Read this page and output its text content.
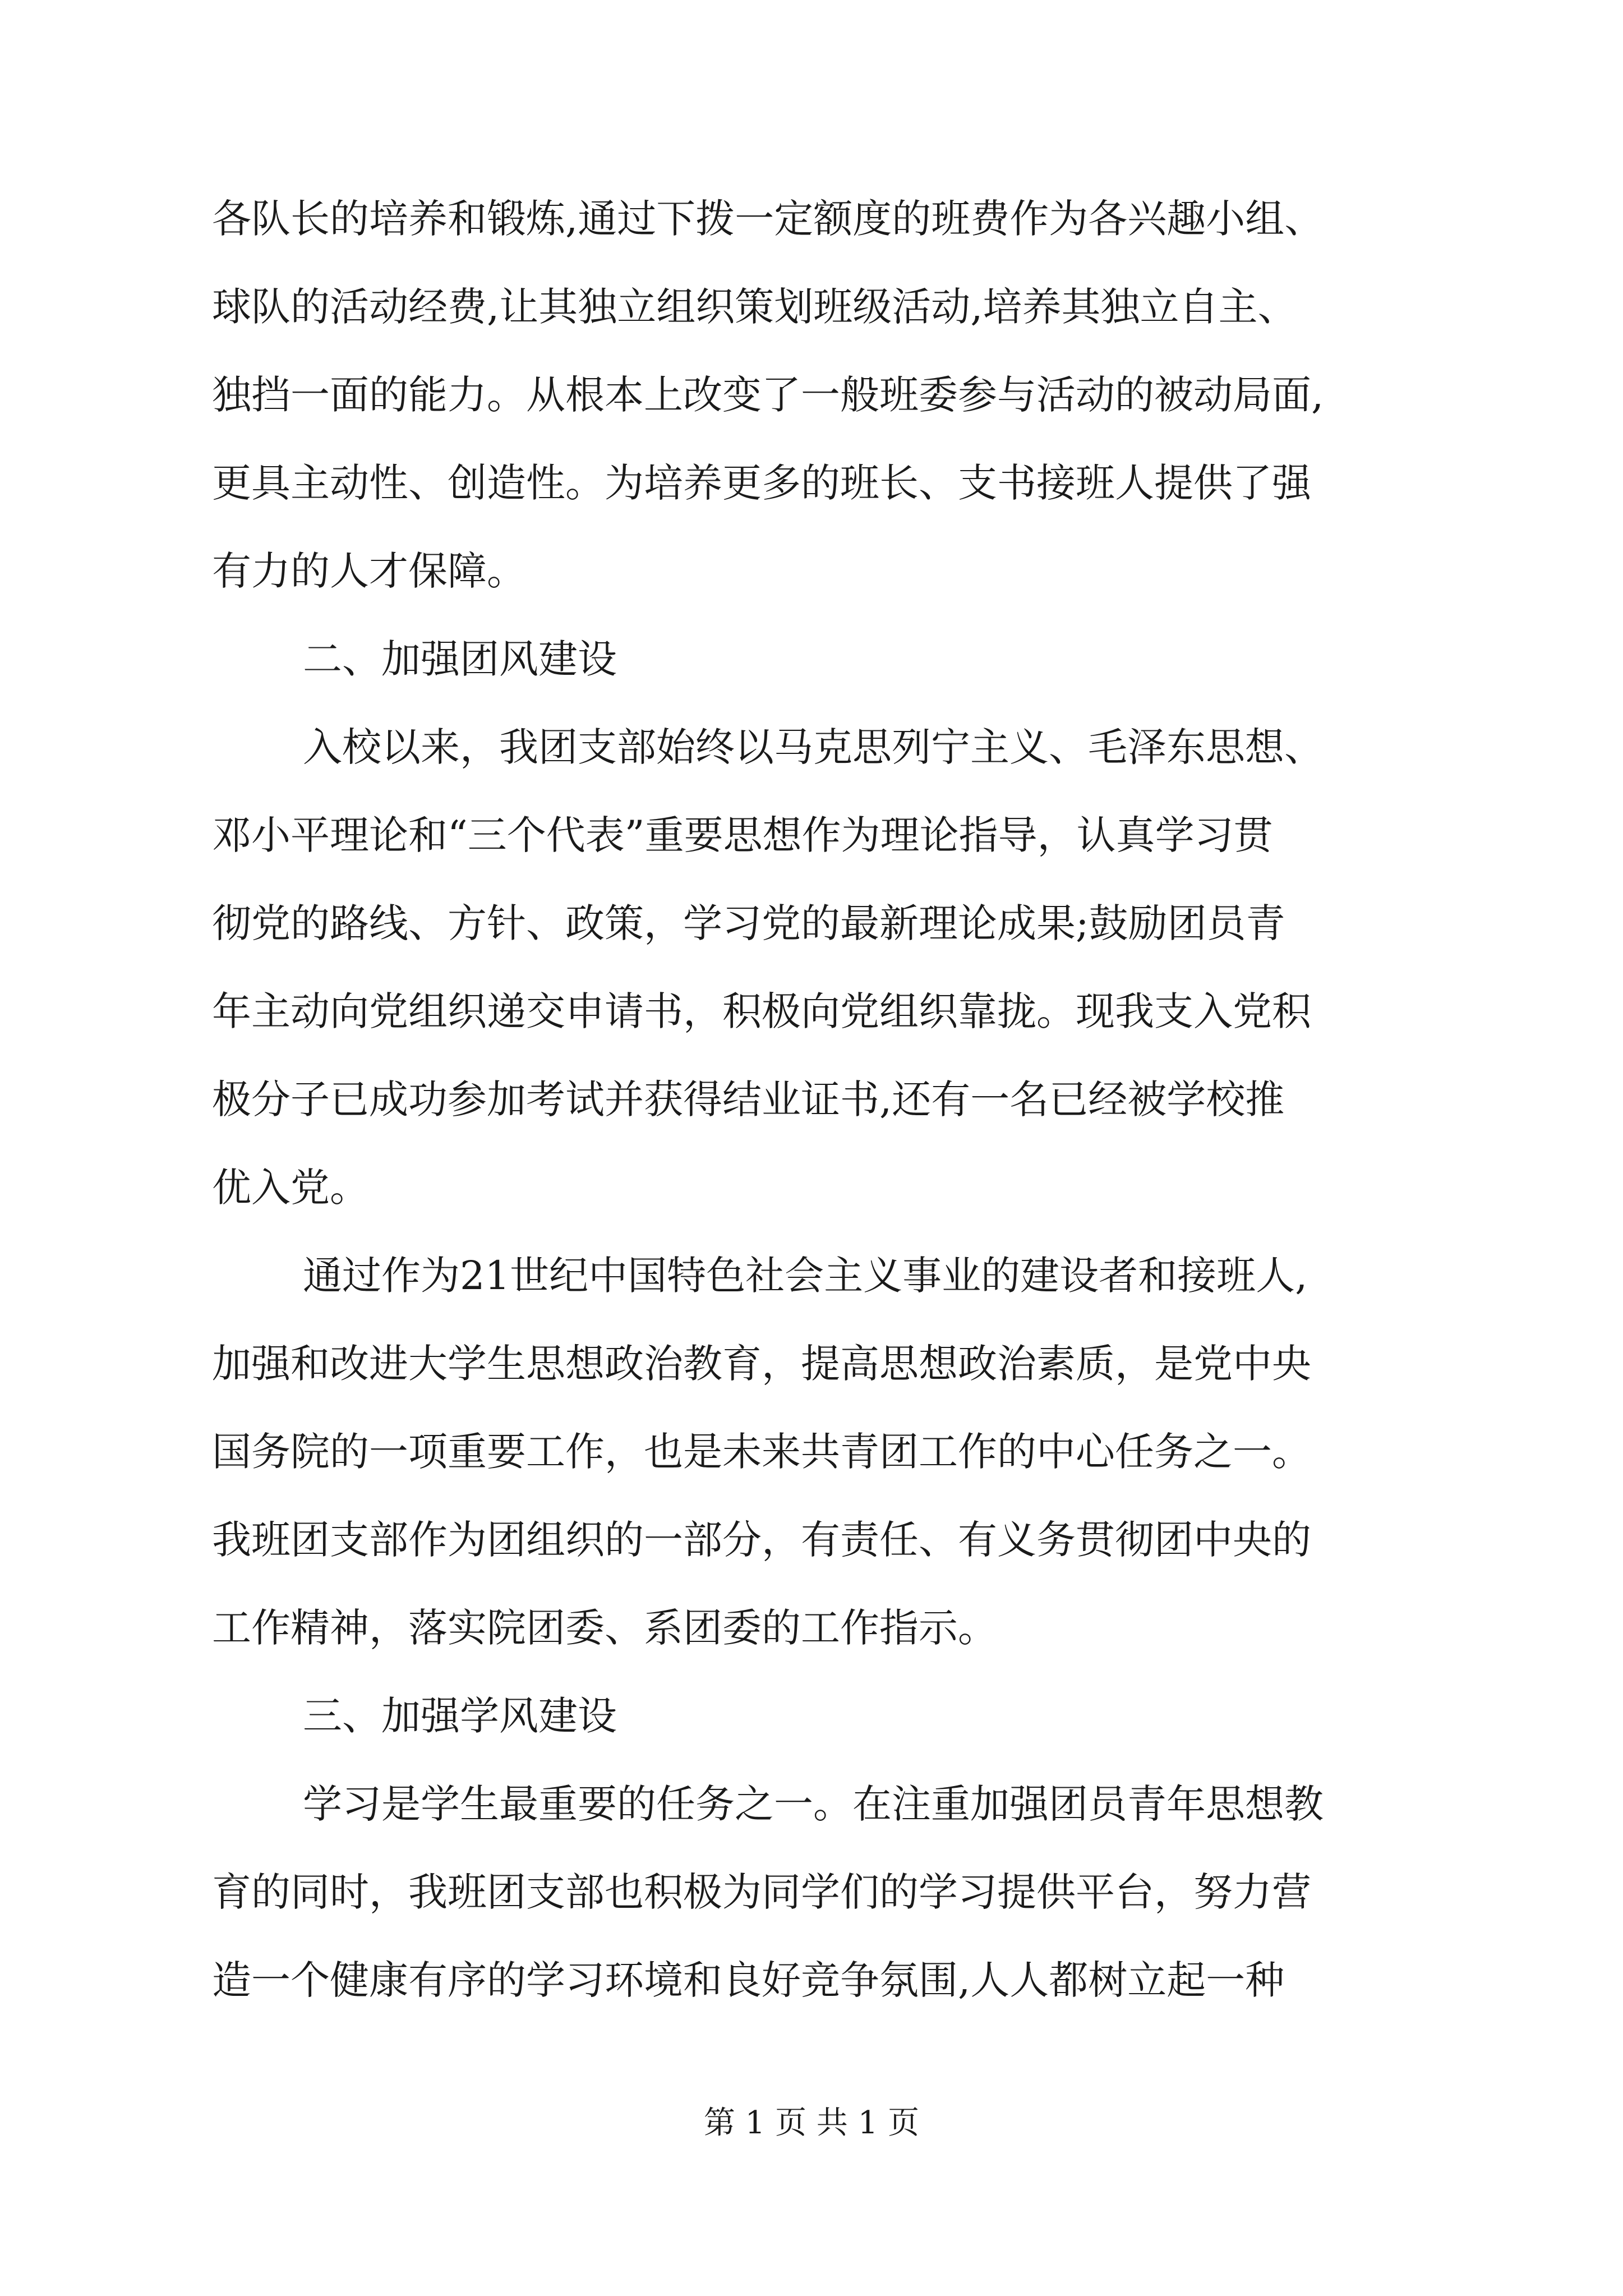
各队长的培养和锻炼,通过下拨一定额度的班费作为各兴趣小组、
球队的活动经费,让其独立组织策划班级活动,培养其独立自主、
独挡一面的能力。从根本上改变了一般班委参与活动的被动局面,
更具主动性、创造性。为培养更多的班长、支书接班人提供了强
有力的人才保障。
二、加强团风建设
入校以来，我团支部始终以马克思列宁主义、毛泽东思想、
邓小平理论和“三个代表”重要思想作为理论指导，认真学习贯
彻党的路线、方针、政策，学习党的最新理论成果;鼓励团员青
年主动向党组织递交申请书，积极向党组织靠拢。现我支入党积
极分子已成功参加考试并获得结业证书,还有一名已经被学校推
优入党。
通过作为21世纪中国特色社会主义事业的建设者和接班人,
加强和改进大学生思想政治教育，提高思想政治素质，是党中央
国务院的一项重要工作，也是未来共青团工作的中心任务之一。
我班团支部作为团组织的一部分，有责任、有义务贯彻团中央的
工作精神，落实院团委、系团委的工作指示。
三、加强学风建设
学习是学生最重要的任务之一。在注重加强团员青年思想教
育的同时，我班团支部也积极为同学们的学习提供平台，努力营
造一个健康有序的学习环境和良好竞争氛围,人人都树立起一种
第 1 页 共 1 页
